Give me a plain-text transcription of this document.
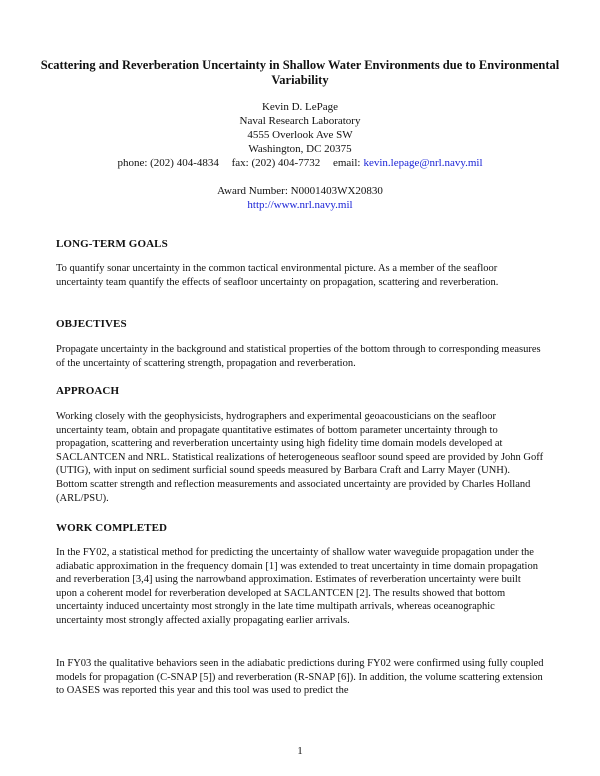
Scattering and Reverberation Uncertainty in Shallow Water Environments due to Environmental Variability
Kevin D. LePage
Naval Research Laboratory
4555 Overlook Ave SW
Washington, DC 20375
phone: (202) 404-4834 fax: (202) 404-7732 email: kevin.lepage@nrl.navy.mil
Award Number: N0001403WX20830
http://www.nrl.navy.mil
LONG-TERM GOALS

To quantify sonar uncertainty in the common tactical environmental picture. As a member of the seafloor uncertainty team quantify the effects of seafloor uncertainty on propagation, scattering and reverberation.

OBJECTIVES

Propagate uncertainty in the background and statistical properties of the bottom through to corresponding measures of the uncertainty of scattering strength, propagation and reverberation.

APPROACH

Working closely with the geophysicists, hydrographers and experimental geoacousticians on the seafloor uncertainty team, obtain and propagate quantitative estimates of bottom parameter uncertainty through to propagation, scattering and reverberation uncertainty using high fidelity time domain models developed at SACLANTCEN and NRL. Statistical realizations of heterogeneous seafloor sound speed are provided by John Goff (UTIG), with input on sediment surficial sound speeds measured by Barbara Craft and Larry Mayer (UNH). Bottom scatter strength and reflection measurements and associated uncertainty are provided by Charles Holland (ARL/PSU).

WORK COMPLETED

In the FY02, a statistical method for predicting the uncertainty of shallow water waveguide propagation under the adiabatic approximation in the frequency domain [1] was extended to treat uncertainty in time domain propagation and reverberation [3,4] using the narrowband approximation. Estimates of reverberation uncertainty were built upon a coherent model for reverberation developed at SACLANTCEN [2]. The results showed that bottom uncertainty induced uncertainty most strongly in the late time multipath arrivals, whereas oceanographic uncertainty most strongly affected axially propagating earlier arrivals.

In FY03 the qualitative behaviors seen in the adiabatic predictions during FY02 were confirmed using fully coupled models for propagation (C-SNAP [5]) and reverberation (R-SNAP [6]). In addition, the volume scattering extension to OASES was reported this year and this tool was used to predict the

1
